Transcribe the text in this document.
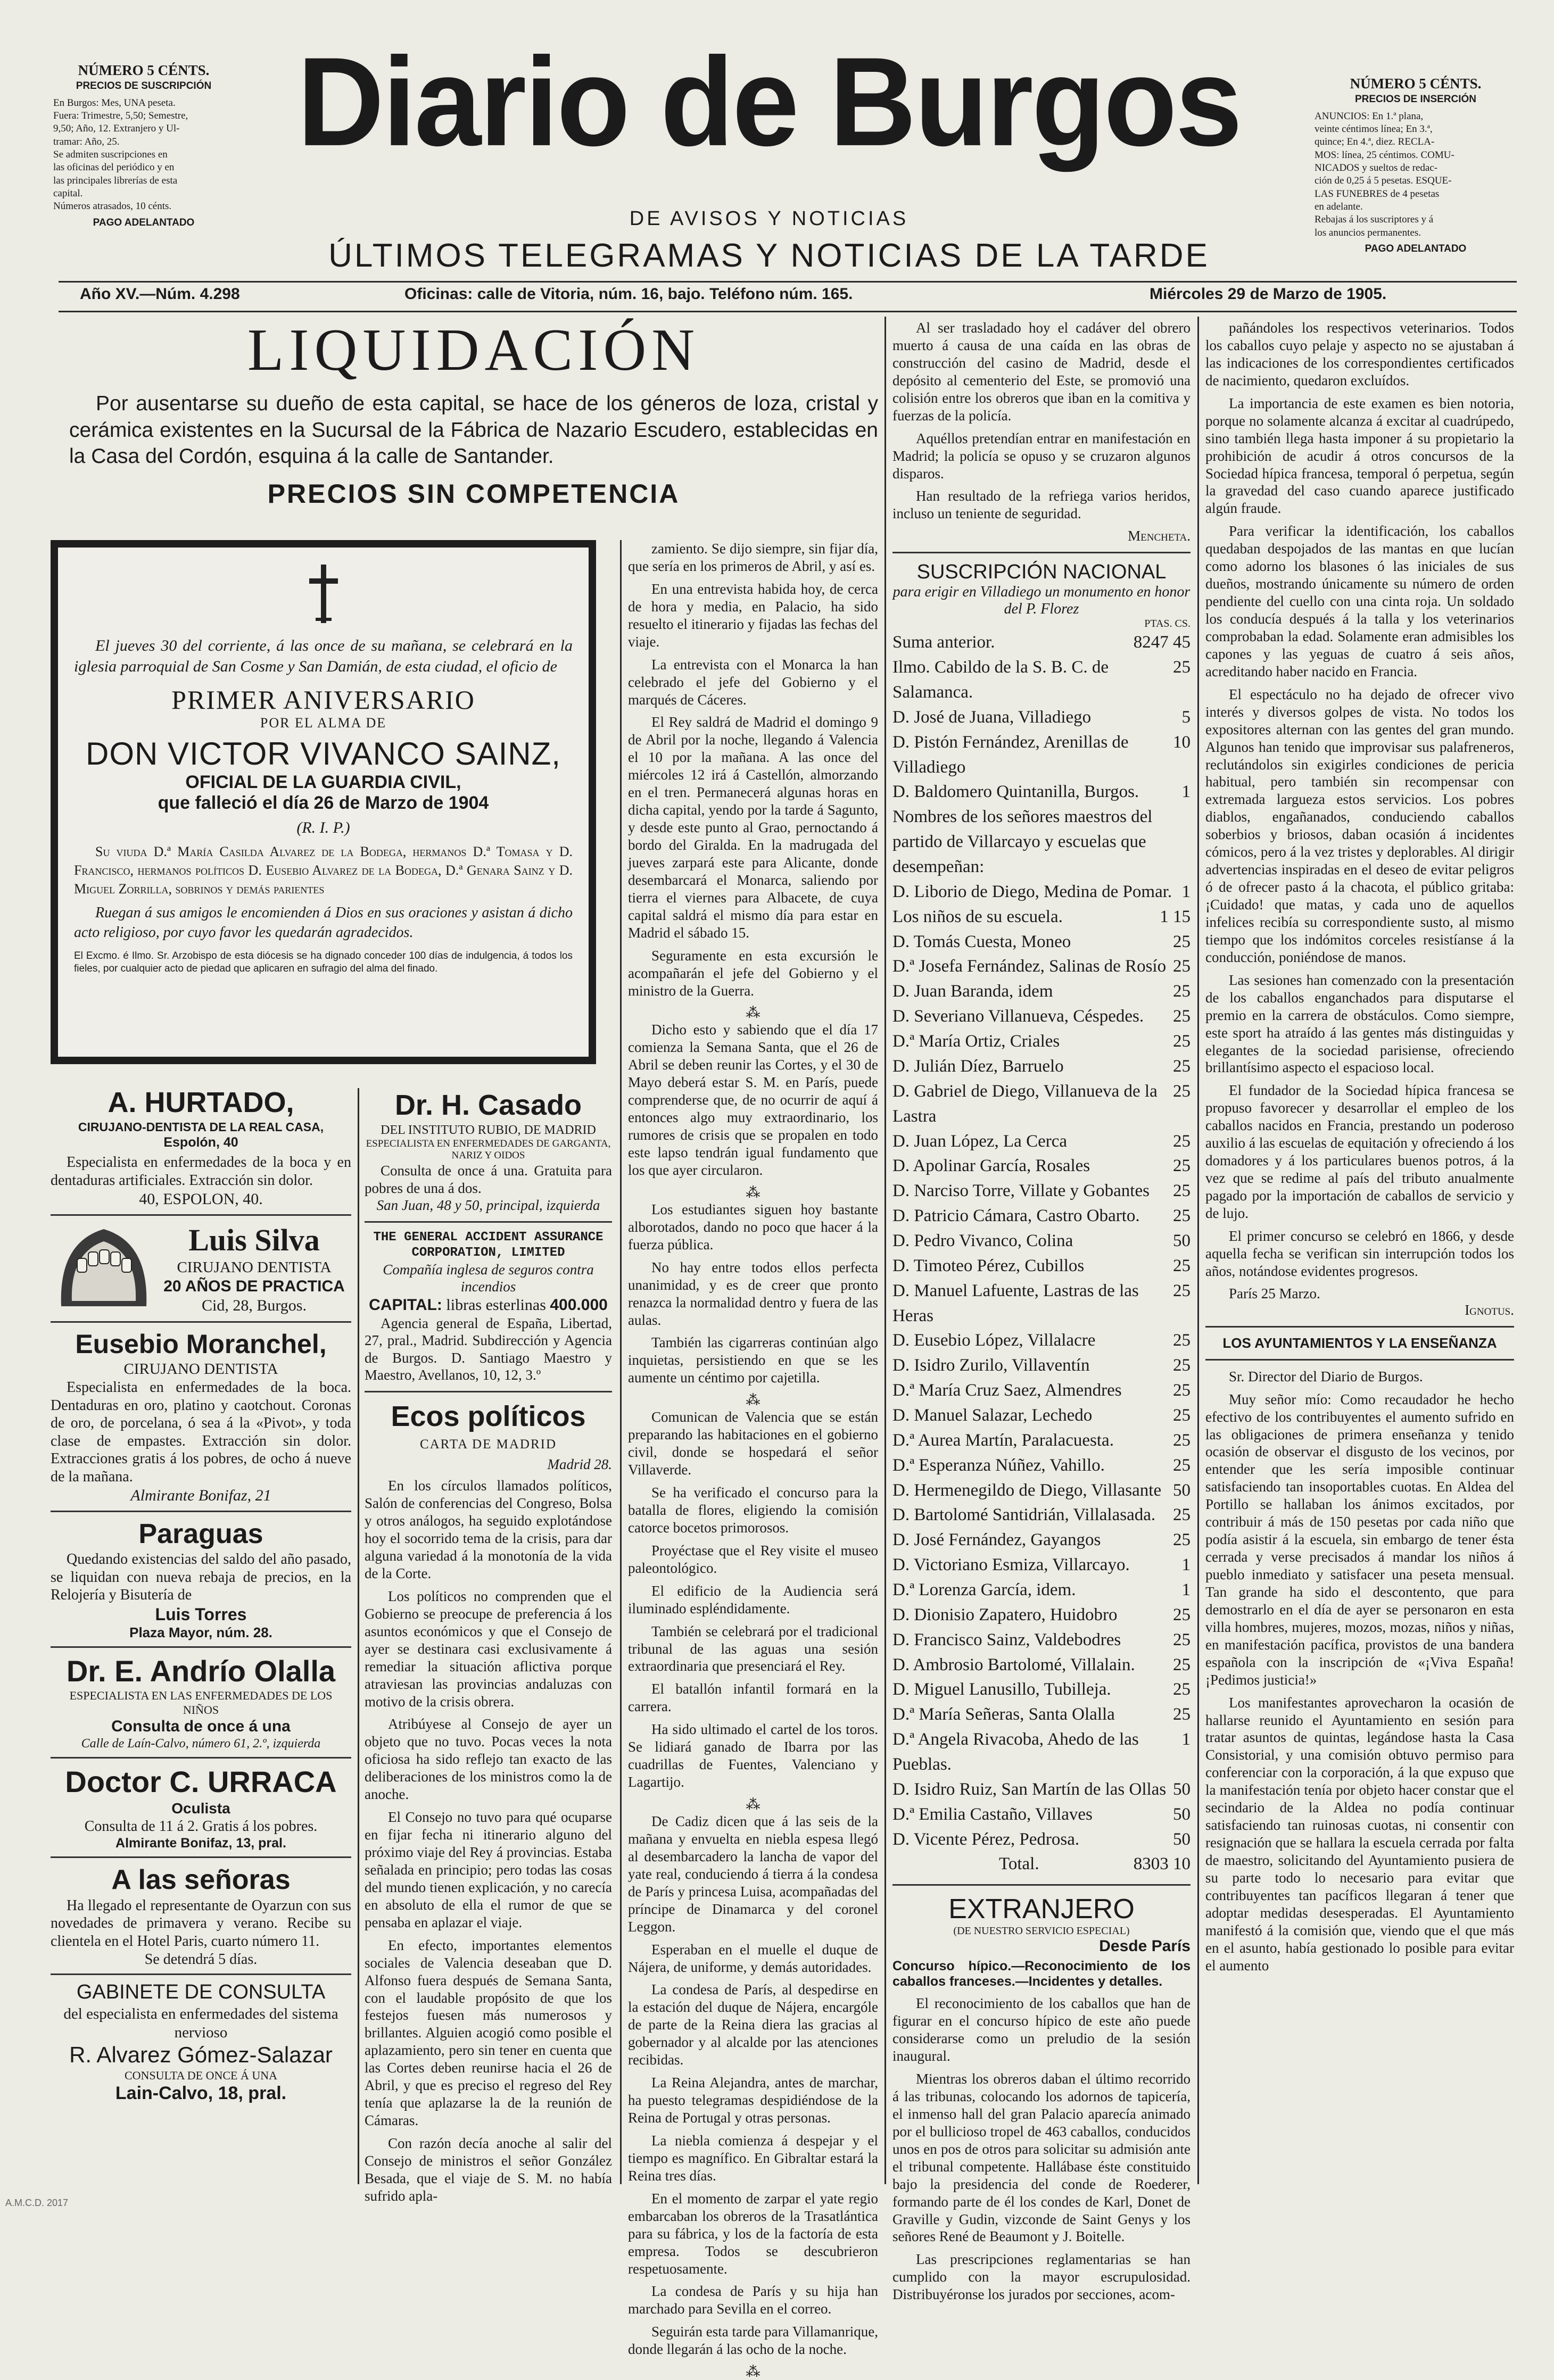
NÚMERO 5 CÉNTS.
PRECIOS DE SUSCRIPCIÓN
En Burgos: Mes, UNA peseta.
Fuera: Trimestre, 5,50; Semestre,
9,50; Año, 12. Extranjero y Ul-
tramar: Año, 25.
Se admiten suscripciones en
las oficinas del periódico y en
las principales librerías de esta
capital.
Números atrasados, 10 cénts.
PAGO ADELANTADO
Diario de Burgos
DE AVISOS Y NOTICIAS
ÚLTIMOS TELEGRAMAS Y NOTICIAS DE LA TARDE
NÚMERO 5 CÉNTS.
PRECIOS DE INSERCIÓN
ANUNCIOS: En 1.ª plana,
veinte céntimos línea; En 3.ª,
quince; En 4.ª, diez. RECLA-
MOS: línea, 25 céntimos. COMU-
NICADOS y sueltos de redac-
ción de 0,25 á 5 pesetas. ESQUE-
LAS FUNEBRES de 4 pesetas
en adelante.
Rebajas á los suscriptores y á
los anuncios permanentes.
PAGO ADELANTADO
Año XV.—Núm. 4.298	Oficinas: calle de Vitoria, núm. 16, bajo. Teléfono núm. 165.	Miércoles 29 de Marzo de 1905.
LIQUIDACIÓN
Por ausentarse su dueño de esta capital, se hace de los géneros de loza, cristal y cerámica existentes en la Sucursal de la Fábrica de Nazario Escudero, establecidas en la Casa del Cordón, esquina á la calle de Santander.
PRECIOS SIN COMPETENCIA
El jueves 30 del corriente, á las once de su mañana, se celebrará en la iglesia parroquial de San Cosme y San Damián, de esta ciudad, el oficio de
PRIMER ANIVERSARIO
POR EL ALMA DE
DON VICTOR VIVANCO SAINZ,
OFICIAL DE LA GUARDIA CIVIL,
que falleció el día 26 de Marzo de 1904
(R. I. P.)
Su viuda D.ª María Casilda Alvarez de la Bodega, hermanos D.ª Tomasa y D. Francisco, hermanos políticos D. Eusebio Alvarez de la Bodega, D.ª Genara Sainz y D. Miguel Zorrilla, sobrinos y demás parientes
Ruegan á sus amigos le encomienden á Dios en sus oraciones y asistan á dicho acto religioso, por cuyo favor les quedarán agradecidos.
El Excmo. é Ilmo. Sr. Arzobispo de esta diócesis se ha dignado conceder 100 días de indulgencia, á todos los fieles, por cualquier acto de piedad que aplicaren en sufragio del alma del finado.
A. HURTADO,
CIRUJANO-DENTISTA DE LA REAL CASA,
Espolón, 40
Especialista en enfermedades de la boca y en dentaduras artificiales. Extracción sin dolor.
40, ESPOLON, 40.
Luis Silva
CIRUJANO DENTISTA
20 AÑOS DE PRACTICA
Cid, 28, Burgos.
Eusebio Moranchel,
CIRUJANO DENTISTA
Especialista en enfermedades de la boca. Dentaduras en oro, platino y caotchout. Coronas de oro, de porcelana, ó sea á la «Pivot», y toda clase de empastes. Extracción sin dolor. Extracciones gratis á los pobres, de ocho á nueve de la mañana.
Almirante Bonifaz, 21
Paraguas
Quedando existencias del saldo del año pasado, se liquidan con nueva rebaja de precios, en la Relojería y Bisutería de
Luis Torres
Plaza Mayor, núm. 28.
Dr. E. Andrío Olalla
ESPECIALISTA EN LAS ENFERMEDADES DE LOS NIÑOS
Consulta de once á una
Calle de Laín-Calvo, número 61, 2.º, izquierda
Doctor C. URRACA
Oculista
Consulta de 11 á 2. Gratis á los pobres.
Almirante Bonifaz, 13, pral.
A las señoras
Ha llegado el representante de Oyarzun con sus novedades de primavera y verano. Recibe su clientela en el Hotel Paris, cuarto número 11.
Se detendrá 5 días.
GABINETE DE CONSULTA
del especialista en enfermedades del sistema nervioso
R. Alvarez Gómez-Salazar
CONSULTA DE ONCE Á UNA
Lain-Calvo, 18, pral.
Dr. H. Casado
DEL INSTITUTO RUBIO, DE MADRID
ESPECIALISTA EN ENFERMEDADES DE GARGANTA, NARIZ Y OIDOS
Consulta de once á una. Gratuita para pobres de una á dos.
San Juan, 48 y 50, principal, izquierda
THE GENERAL ACCIDENT ASSURANCE CORPORATION, LIMITED
Compañía inglesa de seguros contra incendios
CAPITAL: libras esterlinas 400.000
Agencia general de España, Libertad, 27, pral., Madrid. Subdirección y Agencia de Burgos. D. Santiago Maestro y Maestro, Avellanos, 10, 12, 3.º
Ecos políticos
CARTA DE MADRID
Madrid 28.

En los círculos llamados políticos, Salón de conferencias del Congreso, Bolsa y otros análogos, ha seguido explotándose hoy el socorrido tema de la crisis, para dar alguna variedad á la monotonía de la vida de la Corte.

Los políticos no comprenden que el Gobierno se preocupe de preferencia á los asuntos económicos y que el Consejo de ayer se destinara casi exclusivamente á remediar la situación aflictiva porque atraviesan las provincias andaluzas con motivo de la crisis obrera.

Atribúyese al Consejo de ayer un objeto que no tuvo. Pocas veces la nota oficiosa ha sido reflejo tan exacto de las deliberaciones de los ministros como la de anoche.

El Consejo no tuvo para qué ocuparse en fijar fecha ni itinerario alguno del próximo viaje del Rey á provincias. Estaba señalada en principio; pero todas las cosas del mundo tienen explicación, y no carecía en absoluto de ella el rumor de que se pensaba en aplazar el viaje.

En efecto, importantes elementos sociales de Valencia deseaban que D. Alfonso fuera después de Semana Santa, con el laudable propósito de que los festejos fuesen más numerosos y brillantes. Alguien acogió como posible el aplazamiento, pero sin tener en cuenta que las Cortes deben reunirse hacia el 26 de Abril, y que es preciso el regreso del Rey tenía que aplazarse la de la reunión de Cámaras.

Con razón decía anoche al salir del Consejo de ministros el señor González Besada, que el viaje de S. M. no había sufrido apla-

zamiento. Se dijo siempre, sin fijar día, que sería en los primeros de Abril, y así es.

En una entrevista habida hoy, de cerca de hora y media, en Palacio, ha sido resuelto el itinerario y fijadas las fechas del viaje.

La entrevista con el Monarca la han celebrado el jefe del Gobierno y el marqués de Cáceres.

El Rey saldrá de Madrid el domingo 9 de Abril por la noche, llegando á Valencia el 10 por la mañana. A las once del miércoles 12 irá á Castellón, almorzando en el tren. Permanecerá algunas horas en dicha capital, yendo por la tarde á Sagunto, y desde este punto al Grao, pernoctando á bordo del Giralda. En la madrugada del jueves zarpará este para Alicante, donde desembarcará el Monarca, saliendo por tierra el viernes para Albacete, de cuya capital saldrá el mismo día para estar en Madrid el sábado 15.

Seguramente en esta excursión le acompañarán el jefe del Gobierno y el ministro de la Guerra.

⁂

Dicho esto y sabiendo que el día 17 comienza la Semana Santa, que el 26 de Abril se deben reunir las Cortes, y el 30 de Mayo deberá estar S. M. en París, puede comprenderse que, de no ocurrir de aquí á entonces algo muy extraordinario, los rumores de crisis que se propalen en todo este lapso tendrán igual fundamento que los que ayer circularon.

⁂

Los estudiantes siguen hoy bastante alborotados, dando no poco que hacer á la fuerza pública.

No hay entre todos ellos perfecta unanimidad, y es de creer que pronto renazca la normalidad dentro y fuera de las aulas.

También las cigarreras continúan algo inquietas, persistiendo en que se les aumente un céntimo por cajetilla.

⁂

Comunican de Valencia que se están preparando las habitaciones en el gobierno civil, donde se hospedará el señor Villaverde.

Se ha verificado el concurso para la batalla de flores, eligiendo la comisión catorce bocetos primorosos.

Proyéctase que el Rey visite el museo paleontológico.

El edificio de la Audiencia será iluminado espléndidamente.

También se celebrará por el tradicional tribunal de las aguas una sesión extraordinaria que presenciará el Rey.

El batallón infantil formará en la carrera.

Ha sido ultimado el cartel de los toros. Se lidiará ganado de Ibarra por las cuadrillas de Fuentes, Valenciano y Lagartijo.

⁂

De Cadiz dicen que á las seis de la mañana y envuelta en niebla espesa llegó al desembarcadero la lancha de vapor del yate real, conduciendo á tierra á la condesa de París y princesa Luisa, acompañadas del príncipe de Dinamarca y del coronel Leggon.

Esperaban en el muelle el duque de Nájera, de uniforme, y demás autoridades.

La condesa de París, al despedirse en la estación del duque de Nájera, encargóle de parte de la Reina diera las gracias al gobernador y al alcalde por las atenciones recibidas.

La Reina Alejandra, antes de marchar, ha puesto telegramas despidiéndose de la Reina de Portugal y otras personas.

La niebla comienza á despejar y el tiempo es magnífico. En Gibraltar estará la Reina tres días.

En el momento de zarpar el yate regio embarcaban los obreros de la Trasatlántica para su fábrica, y los de la factoría de esta empresa. Todos se descubrieron respetuosamente.

La condesa de París y su hija han marchado para Sevilla en el correo.

Seguirán esta tarde para Villamanrique, donde llegarán á las ocho de la noche.

⁂

Al ser trasladado hoy el cadáver del obrero muerto á causa de una caída en las obras de construcción del casino de Madrid, desde el depósito al cementerio del Este, se promovió una colisión entre los obreros que iban en la comitiva y fuerzas de la policía.

Aquéllos pretendían entrar en manifestación en Madrid; la policía se opuso y se cruzaron algunos disparos.

Han resultado de la refriega varios heridos, incluso un teniente de seguridad.

Mencheta.
SUSCRIPCIÓN NACIONAL
para erigir en Villadiego un monumento en honor del P. Florez
PTAS. CS.
Suma anterior.	8247 45
Ilmo. Cabildo de la S. B. C. de Salamanca.
25
D. José de Juana, Villadiego	5
D. Pistón Fernández, Arenillas de Villadiego
10
D. Baldomero Quintanilla, Burgos.	1
Nombres de los señores maestros del partido de Villarcayo y escuelas que desempeñan:
D. Liborio de Diego, Medina de Pomar. 1
Los niños de su escuela.	1 15
D. Tomás Cuesta, Moneo	25
D.ª Josefa Fernández, Salinas de Rosío 25
D. Juan Baranda, idem	25
D. Severiano Villanueva, Céspedes.	25
D.ª María Ortiz, Criales	25
D. Julián Díez, Barruelo	25
D. Gabriel de Diego, Villanueva de la Lastra
25
D. Juan López, La Cerca	25
D. Apolinar García, Rosales	25
D. Narciso Torre, Villate y Gobantes	25
D. Patricio Cámara, Castro Obarto.	25
D. Pedro Vivanco, Colina	50
D. Timoteo Pérez, Cubillos	25
D. Manuel Lafuente, Lastras de las Heras
25
D. Eusebio López, Villalacre	25
D. Isidro Zurilo, Villaventín	25
D.ª María Cruz Saez, Almendres	25
D. Manuel Salazar, Lechedo	25
D.ª Aurea Martín, Paralacuesta.	25
D.ª Esperanza Núñez, Vahillo.	25
D. Hermenegildo de Diego, Villasante 50
D. Bartolomé Santidrián, Villalasada. 25
D. José Fernández, Gayangos	25
D. Victoriano Esmiza, Villarcayo.	1
D.ª Lorenza García, idem.	1
D. Dionisio Zapatero, Huidobro	25
D. Francisco Sainz, Valdebodres	25
D. Ambrosio Bartolomé, Villalain.	25
D. Miguel Lanusillo, Tubilleja.	25
D.ª María Señeras, Santa Olalla	25
D.ª Angela Rivacoba, Ahedo de las Pueblas.
1
D. Isidro Ruiz, San Martín de las Ollas 50
D.ª Emilia Castaño, Villaves	50
D. Vicente Pérez, Pedrosa.	50
Total.	8303 10
EXTRANJERO
(DE NUESTRO SERVICIO ESPECIAL)
Desde París
Concurso hípico.—Reconocimiento de los caballos franceses.—Incidentes y detalles.

El reconocimiento de los caballos que han de figurar en el concurso hípico de este año puede considerarse como un preludio de la sesión inaugural.

Mientras los obreros daban el último recorrido á las tribunas, colocando los adornos de tapicería, el inmenso hall del gran Palacio aparecía animado por el bullicioso tropel de 463 caballos, conducidos unos en pos de otros para solicitar su admisión ante el tribunal competente. Hallábase éste constituido bajo la presidencia del conde de Roederer, formando parte de él los condes de Karl, Donet de Graville y Gudin, vizconde de Saint Genys y los señores René de Beaumont y J. Boitelle.

Las prescripciones reglamentarias se han cumplido con la mayor escrupulosidad. Distribuyéronse los jurados por secciones, acom-

pañándoles los respectivos veterinarios. Todos los caballos cuyo pelaje y aspecto no se ajustaban á las indicaciones de los correspondientes certificados de nacimiento, quedaron excluídos.

La importancia de este examen es bien notoria, porque no solamente alcanza á excitar al cuadrúpedo, sino también llega hasta imponer á su propietario la prohibición de acudir á otros concursos de la Sociedad hípica francesa, temporal ó perpetua, según la gravedad del caso cuando aparece justificado algún fraude.

Para verificar la identificación, los caballos quedaban despojados de las mantas en que lucían como adorno los blasones ó las iniciales de sus dueños, mostrando únicamente su número de orden pendiente del cuello con una cinta roja. Un soldado los conducía después á la talla y los veterinarios comprobaban la edad. Solamente eran admisibles los capones y las yeguas de cuatro á seis años, acreditando haber nacido en Francia.

El espectáculo no ha dejado de ofrecer vivo interés y diversos golpes de vista. No todos los expositores alternan con las gentes del gran mundo. Algunos han tenido que improvisar sus palafreneros, reclutándolos sin exigirles condiciones de pericia habitual, pero también sin recompensar con extremada largueza estos servicios. Los pobres diablos, engañanados, conduciendo caballos soberbios y briosos, daban ocasión á incidentes cómicos, pero á la vez tristes y deplorables. Al dirigir advertencias inspiradas en el deseo de evitar peligros ó de ofrecer pasto á la chacota, el público gritaba: ¡Cuidado! que matas, y cada uno de aquellos infelices recibía su correspondiente susto, al mismo tiempo que los indómitos corceles resistíanse á la conducción, poniéndose de manos.

Las sesiones han comenzado con la presentación de los caballos enganchados para disputarse el premio en la carrera de obstáculos. Como siempre, este sport ha atraído á las gentes más distinguidas y elegantes de la sociedad parisiense, ofreciendo brillantísimo aspecto el espacioso local.

El fundador de la Sociedad hípica francesa se propuso favorecer y desarrollar el empleo de los caballos nacidos en Francia, prestando un poderoso auxilio á las escuelas de equitación y ofreciendo á los domadores y á los particulares buenos potros, á la vez que se redime al país del tributo anualmente pagado por la importación de caballos de servicio y de lujo.

El primer concurso se celebró en 1866, y desde aquella fecha se verifican sin interrupción todos los años, notándose evidentes progresos.

París 25 Marzo.
Ignotus.
LOS AYUNTAMIENTOS Y LA ENSEÑANZA

Sr. Director del Diario de Burgos.

Muy señor mío: Como recaudador he hecho efectivo de los contribuyentes el aumento sufrido en las obligaciones de primera enseñanza y tenido ocasión de observar el disgusto de los vecinos, por entender que les sería imposible continuar satisfaciendo tan insoportables cuotas. En Aldea del Portillo se hallaban los ánimos excitados, por contribuir á más de 150 pesetas por cada niño que podía asistir á la escuela, sin embargo de tener ésta cerrada y verse precisados á mandar los niños á pueblo inmediato y satisfacer una peseta mensual. Tan grande ha sido el descontento, que para demostrarlo en el día de ayer se personaron en esta villa hombres, mujeres, mozos, mozas, niños y niñas, en manifestación pacífica, provistos de una bandera española con la inscripción de «¡Viva España! ¡Pedimos justicia!»

Los manifestantes aprovecharon la ocasión de hallarse reunido el Ayuntamiento en sesión para tratar asuntos de quintas, legándose hasta la Casa Consistorial, y una comisión obtuvo permiso para conferenciar con la corporación, á la que expuso que la manifestación tenía por objeto hacer constar que el secindario de la Aldea no podía continuar satisfaciendo tan ruinosas cuotas, ni consentir con resignación que se hallara la escuela cerrada por falta de maestro, solicitando del Ayuntamiento pusiera de su parte todo lo necesario para evitar que contribuyentes tan pacíficos llegaran á tener que adoptar medidas desesperadas. El Ayuntamiento manifestó á la comisión que, viendo que el que más en el asunto, había gestionado lo posible para evitar el aumento

A.M.C.D. 2017
